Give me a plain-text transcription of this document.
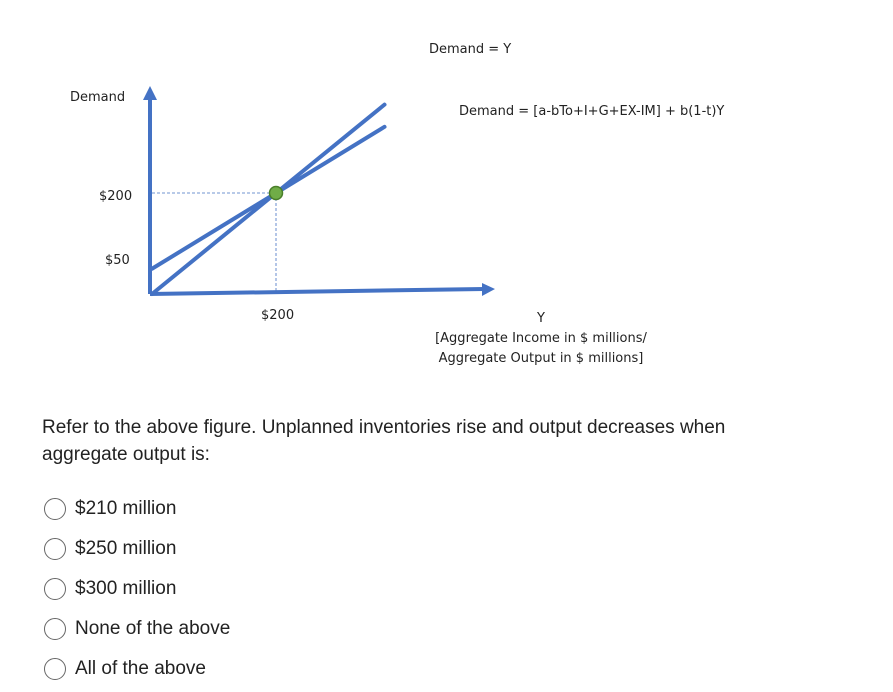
Demand
$200
$50
$200
Demand = Y
Demand = [a-bTo+I+G+EX-IM] + b(1-t)Y
Y
[Aggregate Income in $ millions/
Aggregate Output in $ millions]
Refer to the above figure. Unplanned inventories rise and output decreases when aggregate output is:
$210 million
$250 million
$300 million
None of the above
All of the above
